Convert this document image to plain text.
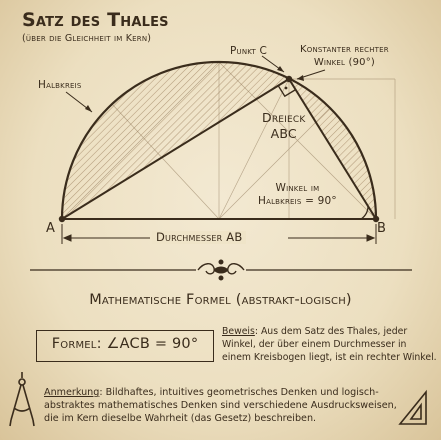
Satz des Thales
(über die Gleichheit im Kern)
Halbkreis
Punkt C	Konstanter rechter
Winkel (90°)
Dreieck
ABC
Winkel im
Halbkreis = 90°
A	B
Durchmesser AB
Mathematische Formel (abstrakt-logisch)
Formel: ∠ACB = 90°
Beweis: Aus dem Satz des Thales, jeder Winkel, der über einem Durchmesser in einem Kreisbogen liegt, ist ein rechter Winkel.
Anmerkung: Bildhaftes, intuitives geometrisches Denken und logisch-abstraktes mathematisches Denken sind verschiedene Ausdrucksweisen, die im Kern dieselbe Wahrheit (das Gesetz) beschreiben.
